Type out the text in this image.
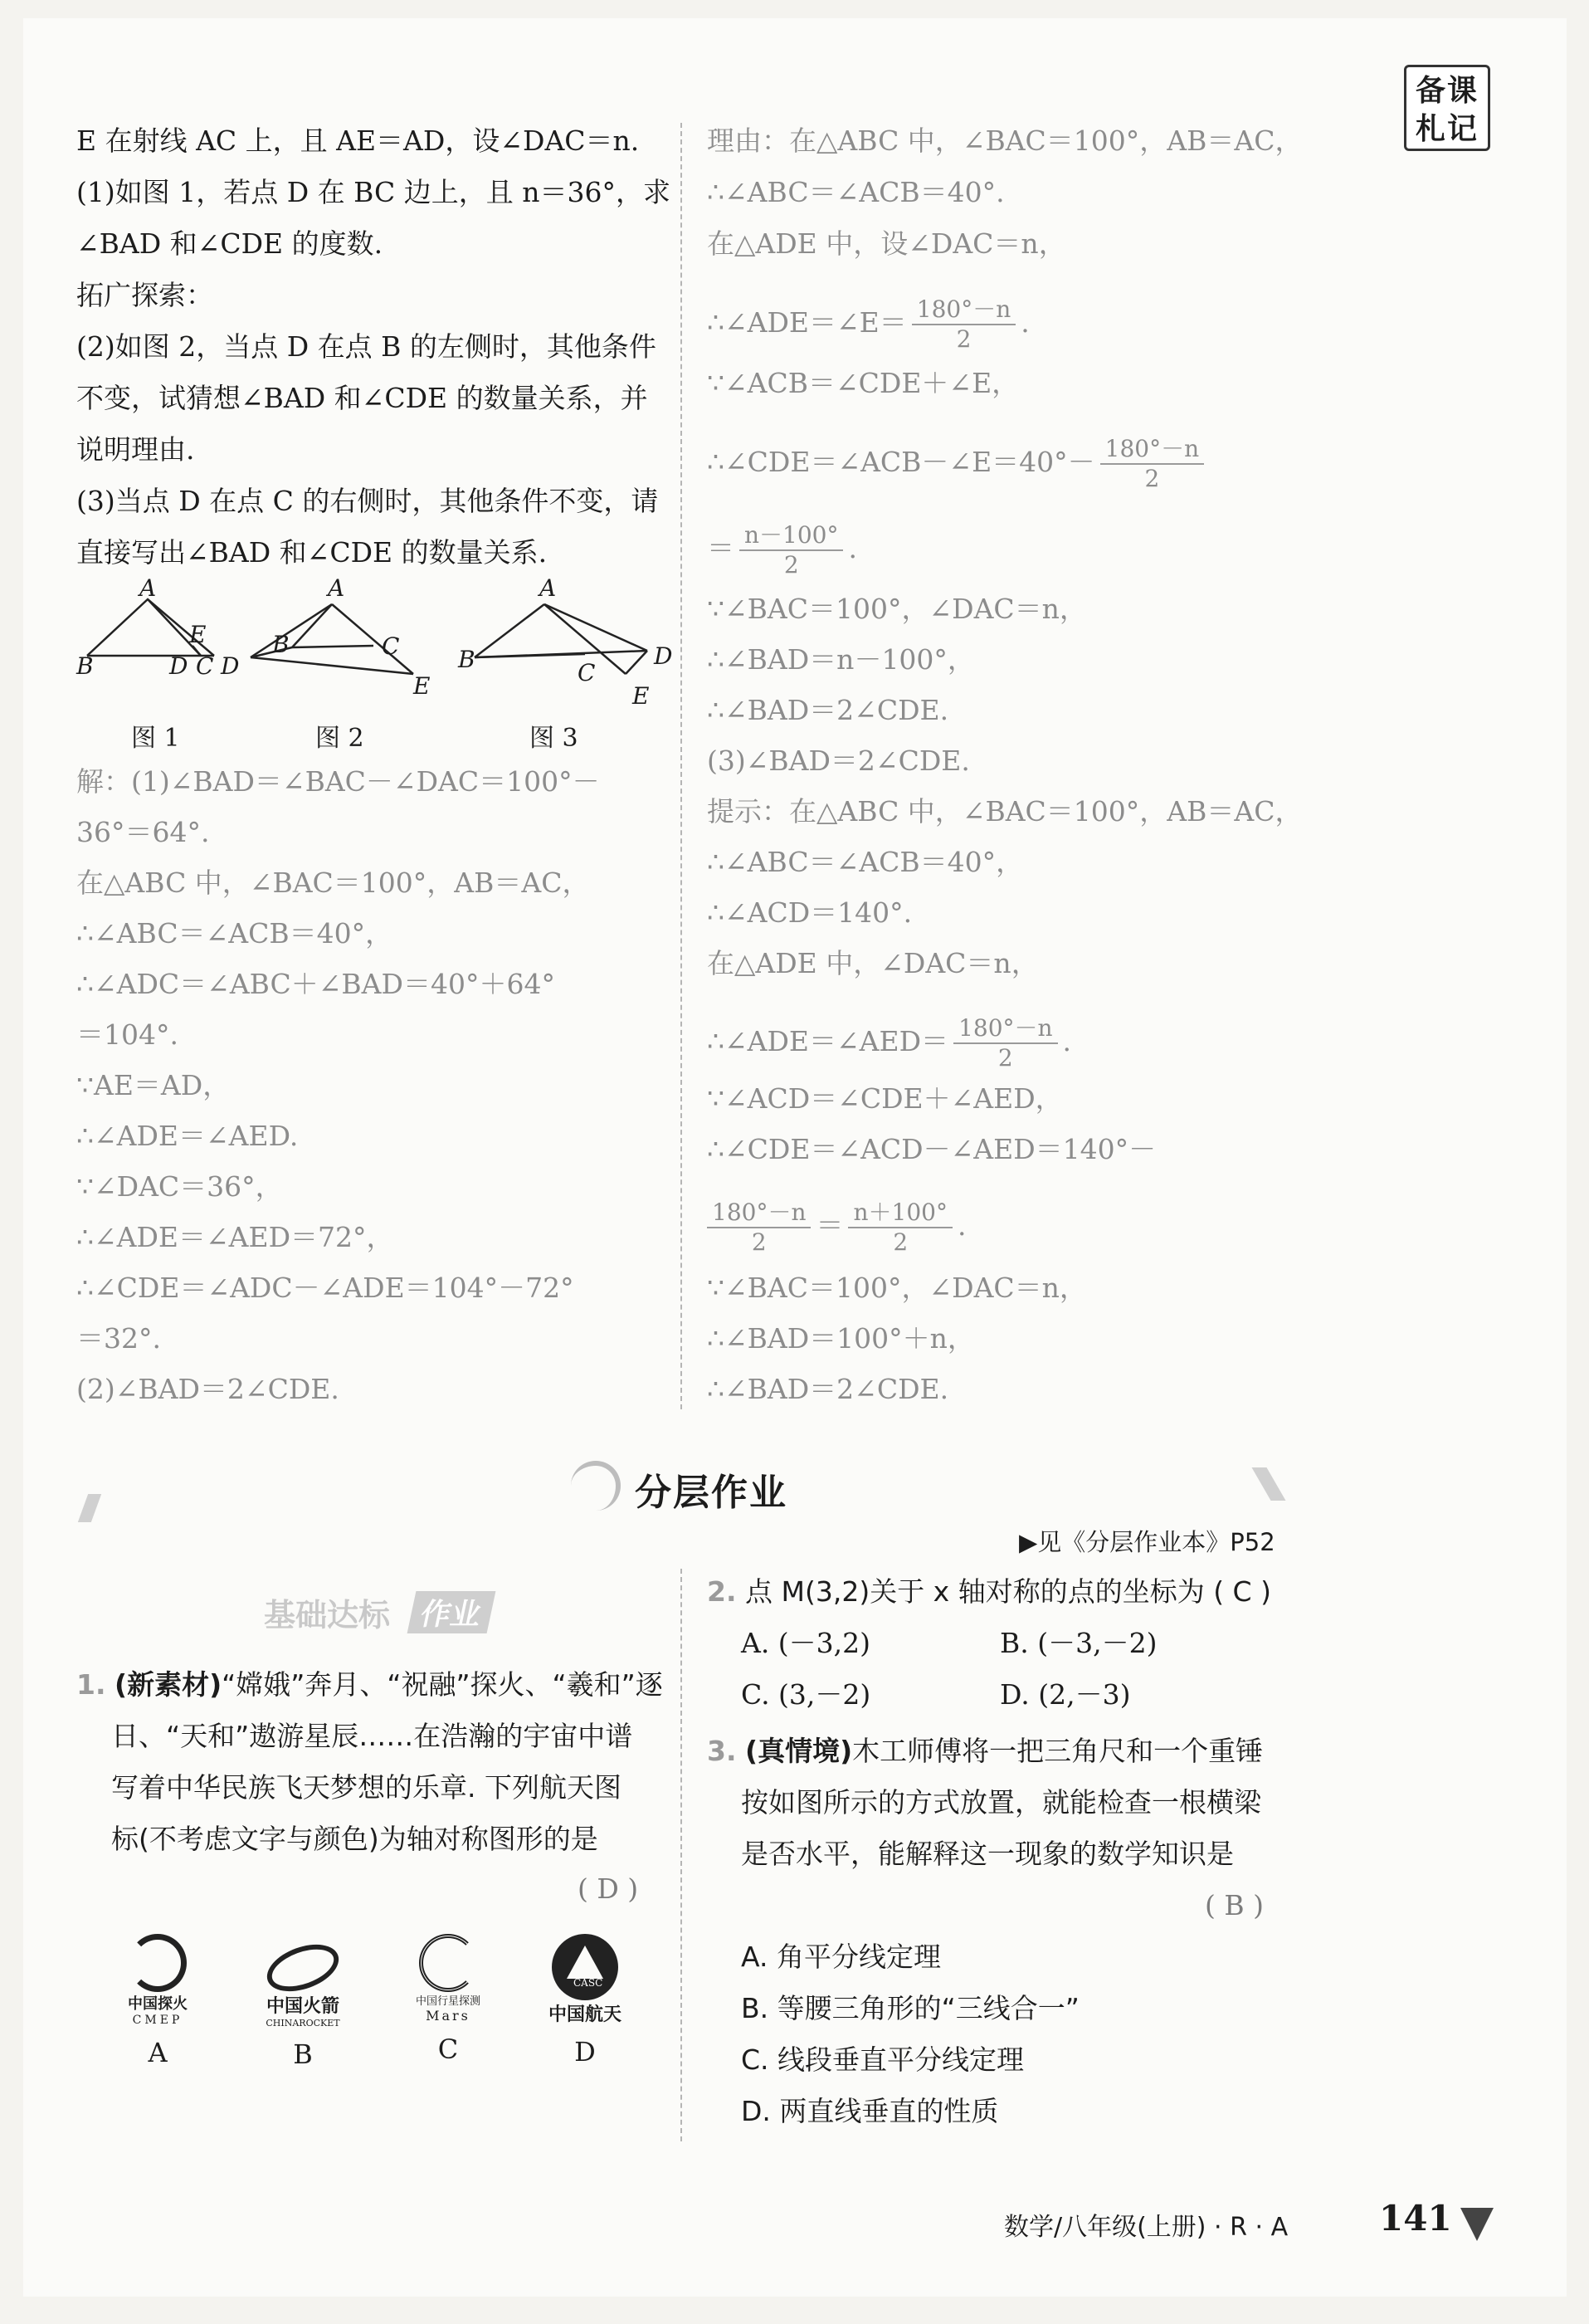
备课札记
E 在射线 AC 上，且 AE＝AD，设∠DAC＝n.
(1)如图 1，若点 D 在 BC 边上，且 n＝36°，求
∠BAD 和∠CDE 的度数.
拓广探索：
(2)如图 2，当点 D 在点 B 的左侧时，其他条件
不变，试猜想∠BAD 和∠CDE 的数量关系，并
说明理由.
(3)当点 D 在点 C 的右侧时，其他条件不变，请
直接写出∠BAD 和∠CDE 的数量关系.
A
E
B	D C
A
B	C
D
E
A
B	C
D
E
图 1	图 2	图 3
解：(1)∠BAD＝∠BAC－∠DAC＝100°－
36°＝64°.
在△ABC 中，∠BAC＝100°，AB＝AC，
∴∠ABC＝∠ACB＝40°，
∴∠ADC＝∠ABC＋∠BAD＝40°＋64°
＝104°.
∵AE＝AD，
∴∠ADE＝∠AED.
∵∠DAC＝36°，
∴∠ADE＝∠AED＝72°，
∴∠CDE＝∠ADC－∠ADE＝104°－72°
＝32°.
(2)∠BAD＝2∠CDE.
理由：在△ABC 中，∠BAC＝100°，AB＝AC，
∴∠ABC＝∠ACB＝40°.
在△ADE 中，设∠DAC＝n，
∴∠ADE＝∠E＝ $\frac{180^\circ-n}{2}$ .
∵∠ACB＝∠CDE＋∠E，
∴∠CDE＝∠ACB－∠E＝40°－ $\frac{180^\circ-n}{2}$
＝ $\frac{n-100^\circ}{2}$ .
∵∠BAC＝100°，∠DAC＝n，
∴∠BAD＝n－100°，
∴∠BAD＝2∠CDE.
(3)∠BAD＝2∠CDE.
提示：在△ABC 中，∠BAC＝100°，AB＝AC，
∴∠ABC＝∠ACB＝40°，
∴∠ACD＝140°.
在△ADE 中，∠DAC＝n，
∴∠ADE＝∠AED＝ $\frac{180^\circ-n}{2}$ .
∵∠ACD＝∠CDE＋∠AED，
∴∠CDE＝∠ACD－∠AED＝140°－
$\frac{180^\circ-n}{2} = \frac{n+100^\circ}{2}$ .
∵∠BAC＝100°，∠DAC＝n，
∴∠BAD＝100°＋n，
∴∠BAD＝2∠CDE.
分层作业
▶见《分层作业本》P52
基础达标 作业
1. (新素材)“嫦娥”奔月、“祝融”探火、“羲和”逐
日、“天和”遨游星辰……在浩瀚的宇宙中谱
写着中华民族飞天梦想的乐章. 下列航天图
标(不考虑文字与颜色)为轴对称图形的是
( D )
中国探火
CMEP
A
中国火箭
CHINAROCKET
B
中国行星探测
Mars
C
CASC
中国航天
D
2. 点 M(3,2)关于 x 轴对称的点的坐标为 ( C )
A. (－3,2)	B. (－3,－2)
C. (3,－2)	D. (2,－3)
3. (真情境)木工师傅将一把三角尺和一个重锤
按如图所示的方式放置，就能检查一根横梁
是否水平，能解释这一现象的数学知识是
( B )
A. 角平分线定理
B. 等腰三角形的“三线合一”
C. 线段垂直平分线定理
D. 两直线垂直的性质
数学/八年级(上册) · R · A	141
